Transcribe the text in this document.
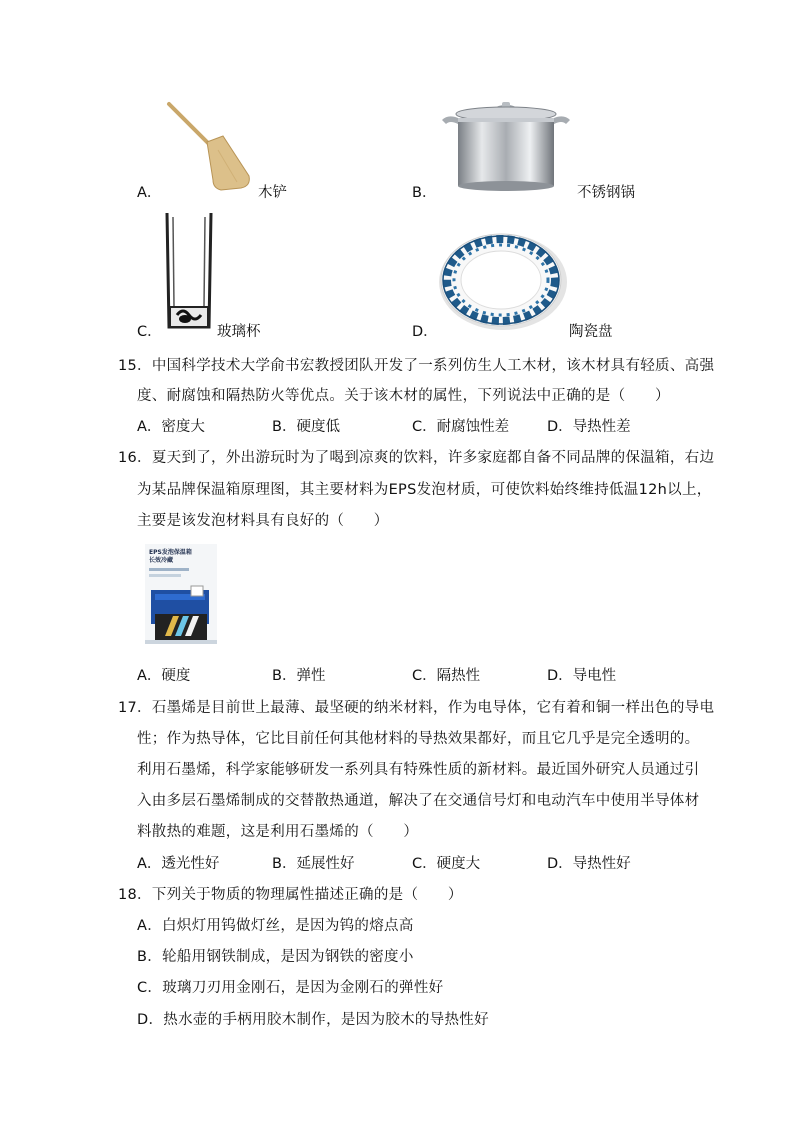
A．	木铲	B．	不锈钢锅
C．	玻璃杯	D．	陶瓷盘
15．中国科学技术大学俞书宏教授团队开发了一系列仿生人工木材，该木材具有轻质、高强
度、耐腐蚀和隔热防火等优点。关于该木材的属性，下列说法中正确的是（　　）
A．密度大	B．硬度低	C．耐腐蚀性差	D．导热性差
16．夏天到了，外出游玩时为了喝到凉爽的饮料，许多家庭都自备不同品牌的保温箱，右边
为某品牌保温箱原理图，其主要材料为EPS发泡材质，可使饮料始终维持低温12h以上，
主要是该发泡材料具有良好的（　　）
EPS发泡保温箱
长效冷藏
A．硬度	B．弹性	C．隔热性	D．导电性
17．石墨烯是目前世上最薄、最坚硬的纳米材料，作为电导体，它有着和铜一样出色的导电
性；作为热导体，它比目前任何其他材料的导热效果都好，而且它几乎是完全透明的。
利用石墨烯，科学家能够研发一系列具有特殊性质的新材料。最近国外研究人员通过引
入由多层石墨烯制成的交替散热通道，解决了在交通信号灯和电动汽车中使用半导体材
料散热的难题，这是利用石墨烯的（　　）
A．透光性好	B．延展性好	C．硬度大	D．导热性好
18．下列关于物质的物理属性描述正确的是（　　）
A．白炽灯用钨做灯丝，是因为钨的熔点高
B．轮船用钢铁制成，是因为钢铁的密度小
C．玻璃刀刃用金刚石，是因为金刚石的弹性好
D．热水壶的手柄用胶木制作，是因为胶木的导热性好
